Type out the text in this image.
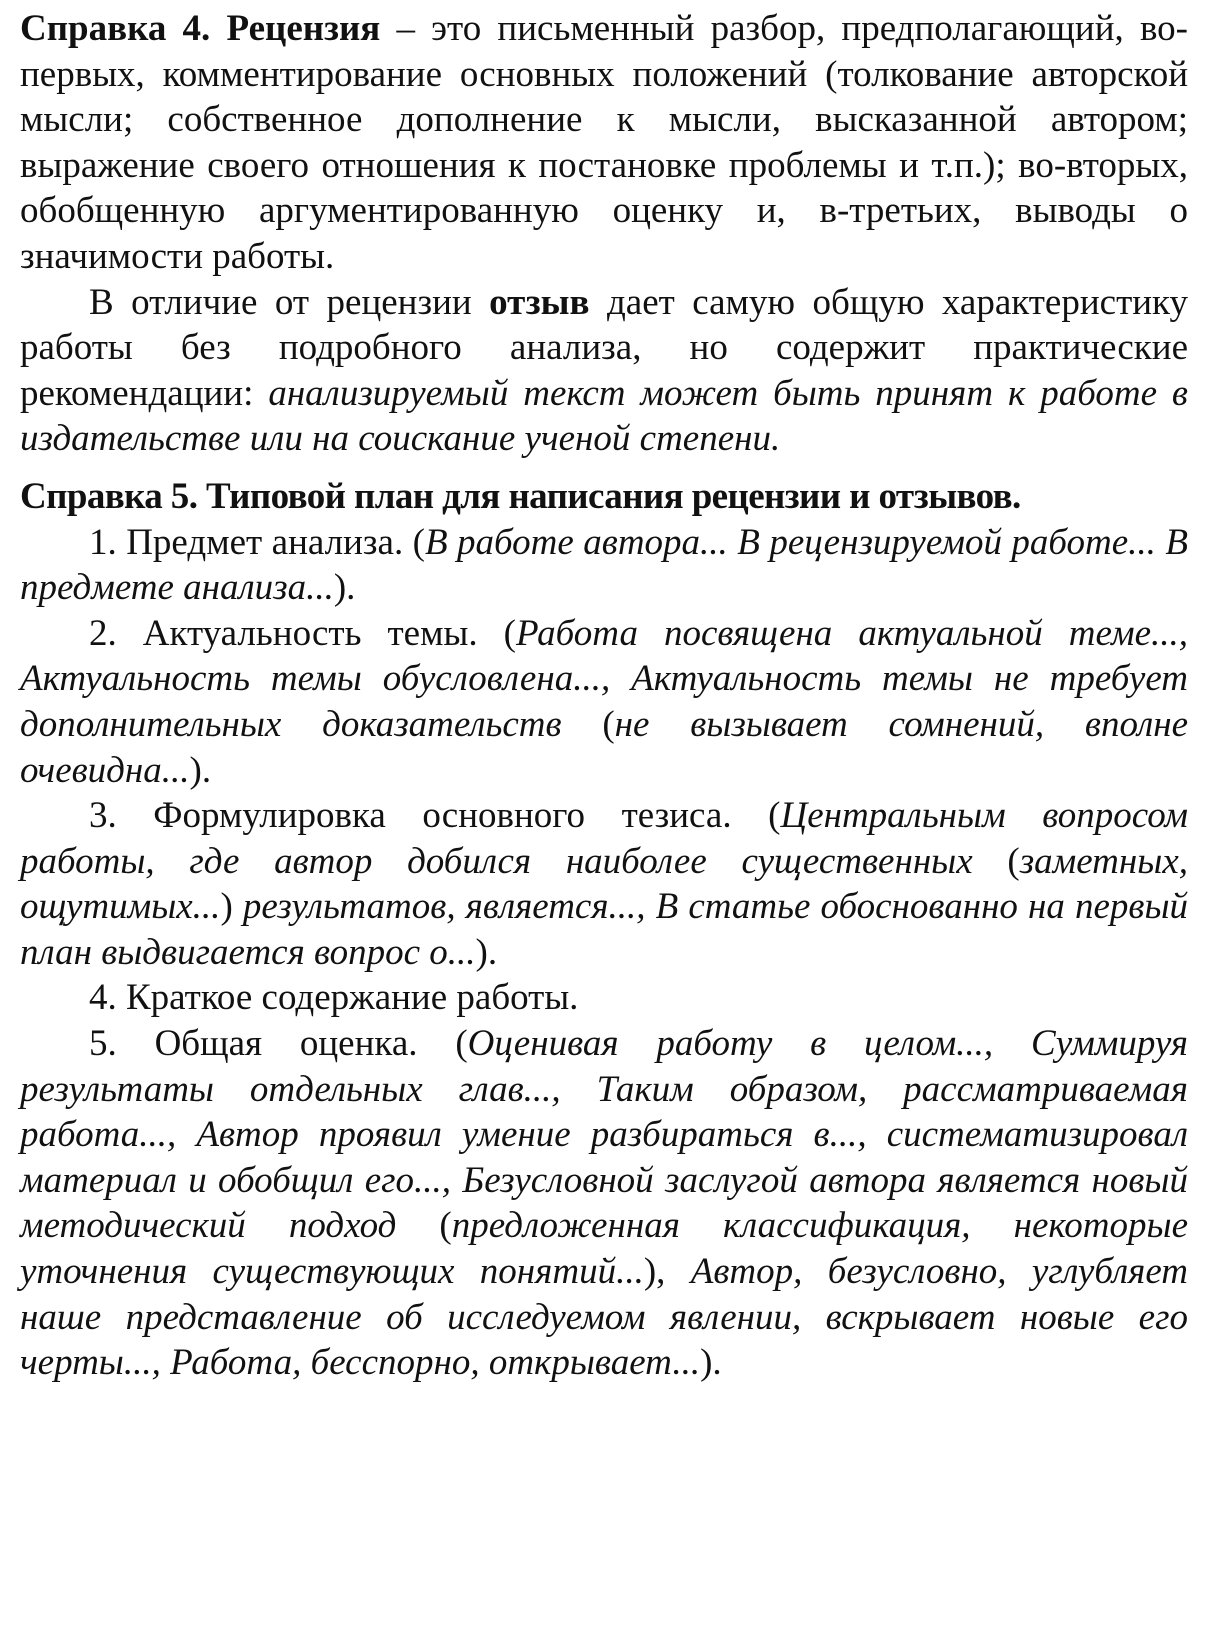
Справка 4. Рецензия – это письменный разбор, предполагающий, во-первых, комментирование основных положений (толкование авторской мысли; собственное дополнение к мысли, высказанной автором; выражение своего отношения к постановке проблемы и т.п.); во-вторых, обобщенную аргументированную оценку и, в-третьих, выводы о значимости работы.

В отличие от рецензии отзыв дает самую общую характеристику работы без подробного анализа, но содержит практические рекомендации: анализируемый текст может быть принят к работе в издательстве или на соискание ученой степени.

Справка 5. Типовой план для написания рецензии и отзывов.

1. Предмет анализа. (В работе автора... В рецензируемой работе... В предмете анализа...).

2. Актуальность темы. (Работа посвящена актуальной теме..., Актуальность темы обусловлена..., Актуальность темы не требует дополнительных доказательств (не вызывает сомнений, вполне очевидна...).

3. Формулировка основного тезиса. (Центральным вопросом работы, где автор добился наиболее существенных (заметных, ощутимых...) результатов, является..., В статье обоснованно на первый план выдвигается вопрос о...).

4. Краткое содержание работы.

5. Общая оценка. (Оценивая работу в целом..., Суммируя результаты отдельных глав..., Таким образом, рассматриваемая работа..., Автор проявил умение разбираться в..., систематизировал материал и обобщил его..., Безусловной заслугой автора является новый методический подход (предложенная классификация, некоторые уточнения существующих понятий...), Автор, безусловно, углубляет наше представление об исследуемом явлении, вскрывает новые его черты..., Работа, бесспорно, открывает...).
